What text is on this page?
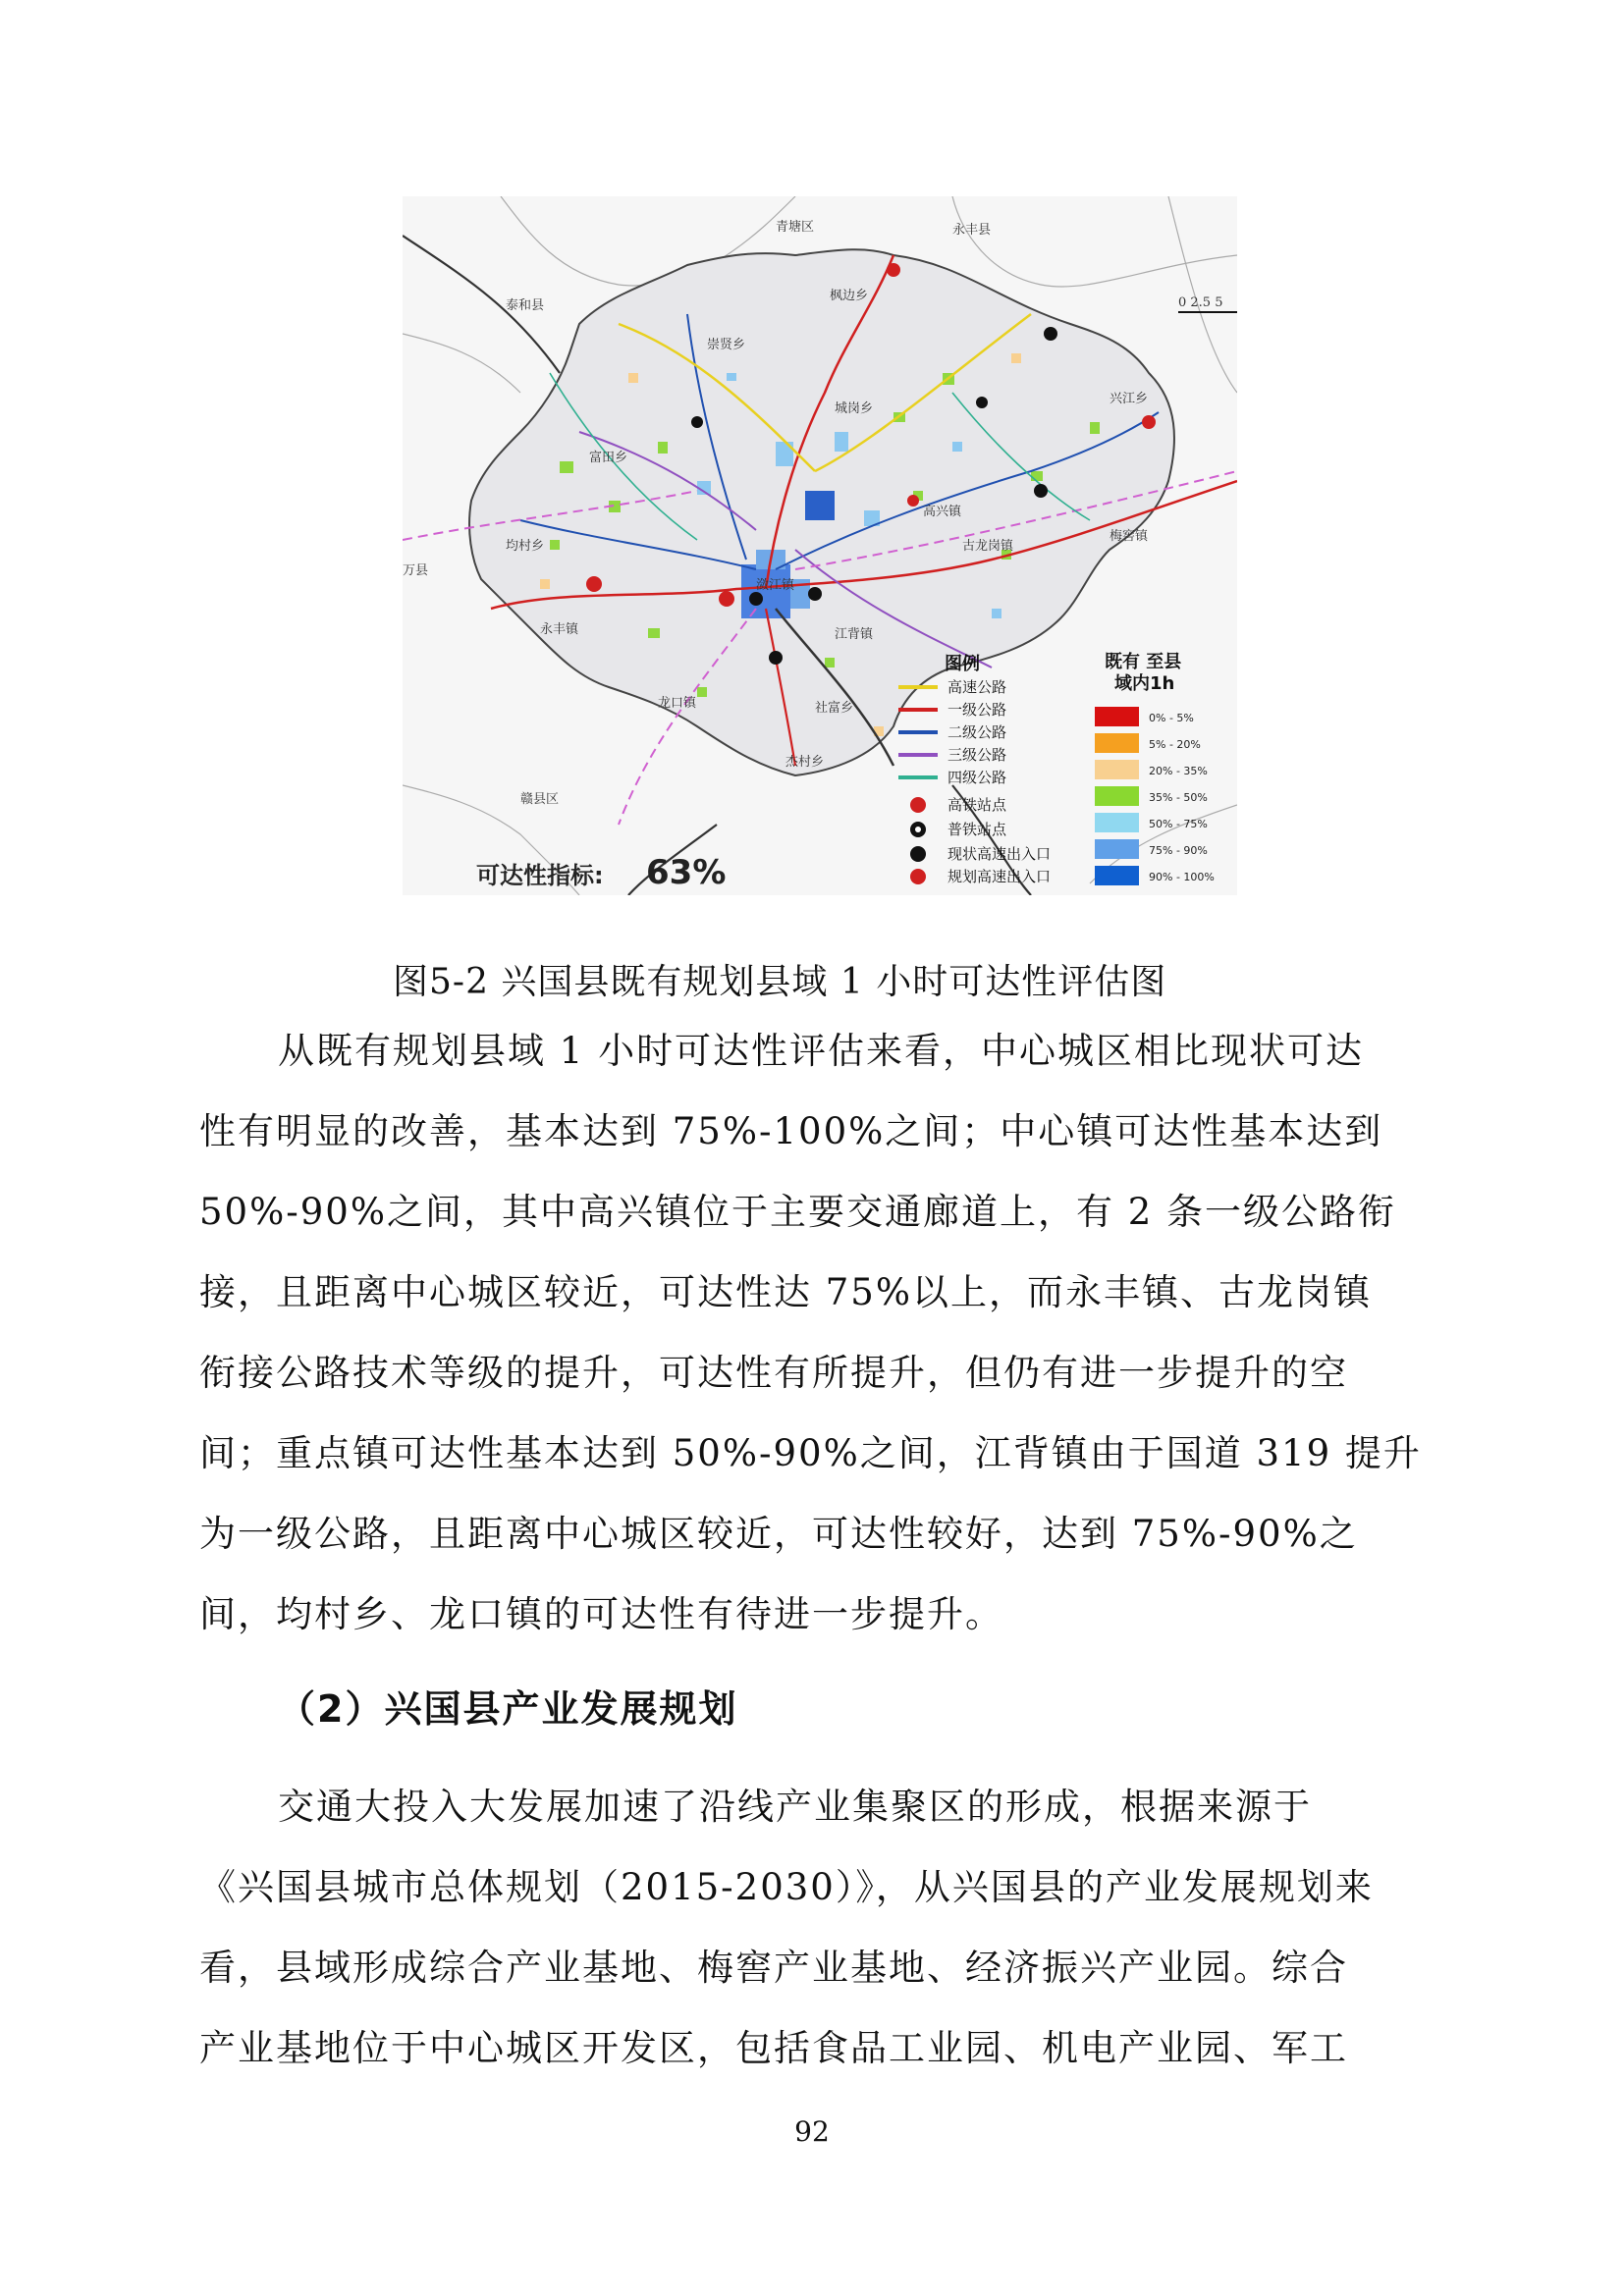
青塘区	永丰县
泰和县
万县
赣县区
枫边乡
崇贤乡
城岗乡
富田乡
兴江乡
高兴镇
均村乡
永丰镇
潋江镇
江背镇
梅窖镇
龙口镇	社富乡
古龙岗镇
杰村乡
0 2.5 5
图例
高速公路
一级公路
二级公路
三级公路
四级公路
高铁站点
普铁站点
现状高速出入口
规划高速出入口
既有 至县
域内1h
0% - 5%
5% - 20%
20% - 35%
35% - 50%
50% - 75%
75% - 90%
90% - 100%
可达性指标: 63%
图5-2 兴国县既有规划县域 1 小时可达性评估图
从既有规划县域 1 小时可达性评估来看，中心城区相比现状可达
性有明显的改善，基本达到 75%-100%之间；中心镇可达性基本达到
50%-90%之间，其中高兴镇位于主要交通廊道上，有 2 条一级公路衔
接，且距离中心城区较近，可达性达 75%以上，而永丰镇、古龙岗镇
衔接公路技术等级的提升，可达性有所提升，但仍有进一步提升的空
间；重点镇可达性基本达到 50%-90%之间，江背镇由于国道 319 提升
为一级公路，且距离中心城区较近，可达性较好，达到 75%-90%之
间，均村乡、龙口镇的可达性有待进一步提升。
（2）兴国县产业发展规划
交通大投入大发展加速了沿线产业集聚区的形成，根据来源于
《兴国县城市总体规划（2015-2030）》，从兴国县的产业发展规划来
看，县域形成综合产业基地、梅窖产业基地、经济振兴产业园。综合
产业基地位于中心城区开发区，包括食品工业园、机电产业园、军工
92
